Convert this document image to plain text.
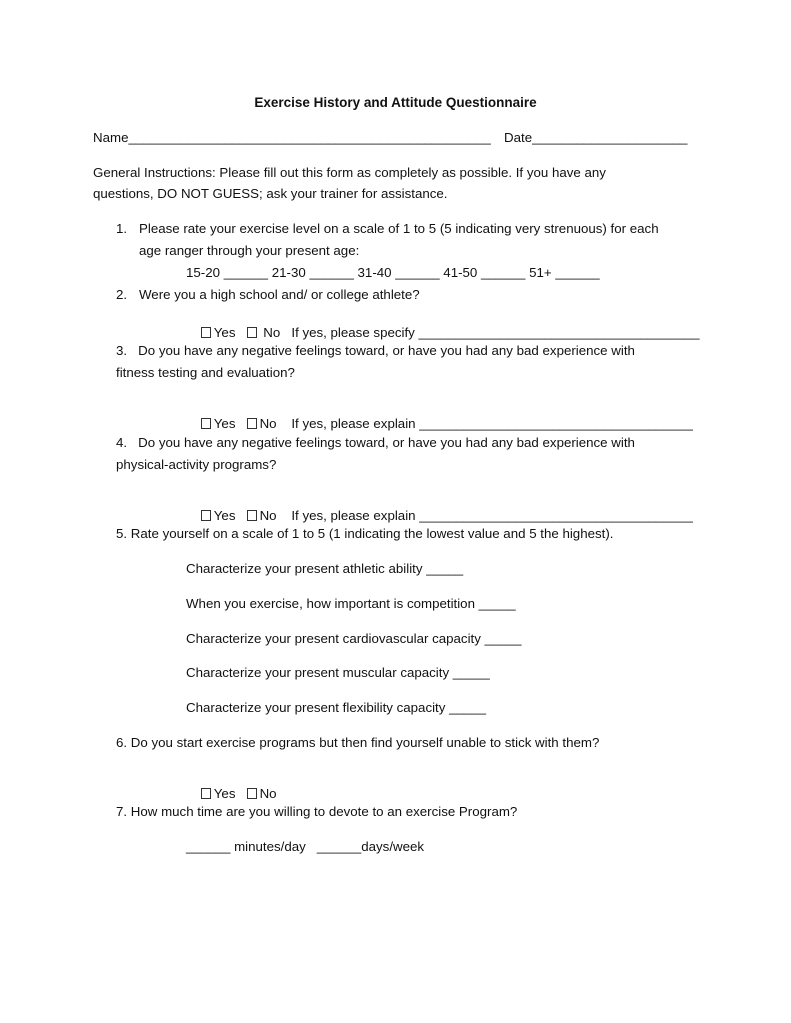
Exercise History and Attitude Questionnaire
Name_________________________________________________ Date_____________________
General Instructions: Please fill out this form as completely as possible. If you have any
questions, DO NOT GUESS; ask your trainer for assistance.
1. Please rate your exercise level on a scale of 1 to 5 (5 indicating very strenuous) for each
age ranger through your present age:
15-20 ______ 21-30 ______ 31-40 ______ 41-50 ______ 51+ ______
2. Were you a high school and/ or college athlete?

Yes No If yes, please specify ______________________________________

3.   Do you have any negative feelings toward, or have you had any bad experience with
fitness testing and evaluation?

Yes No If yes, please explain _____________________________________

4.   Do you have any negative feelings toward, or have you had any bad experience with
physical-activity programs?

Yes No If yes, please explain _____________________________________

5. Rate yourself on a scale of 1 to 5 (1 indicating the lowest value and 5 the highest).
Characterize your present athletic ability _____
When you exercise, how important is competition _____
Characterize your present cardiovascular capacity _____
Characterize your present muscular capacity _____
Characterize your present flexibility capacity _____
6. Do you start exercise programs but then find yourself unable to stick with them?

Yes No

7. How much time are you willing to devote to an exercise Program?
______ minutes/day ______days/week
